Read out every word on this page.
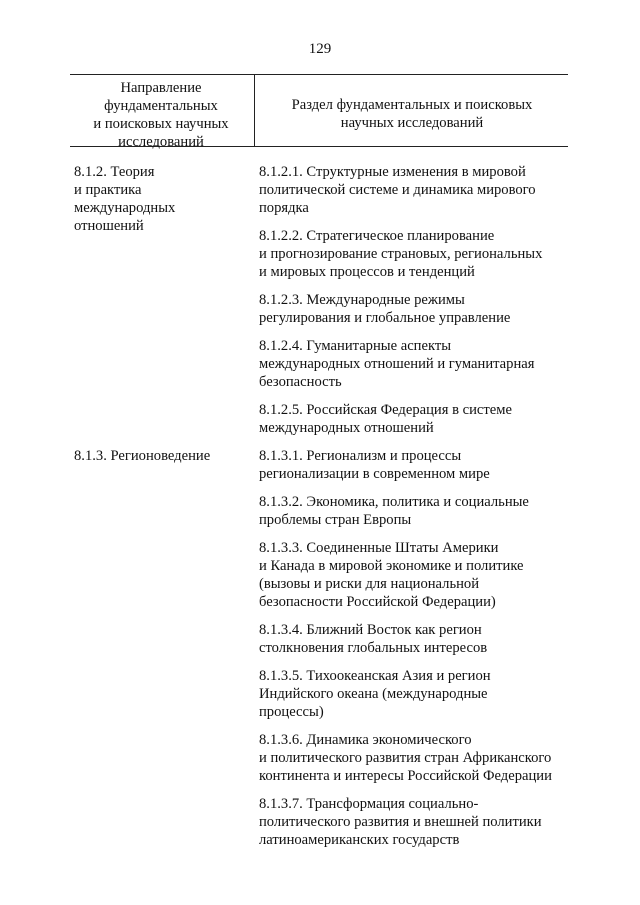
129
Направление
фундаментальных
и поисковых научных
исследований
Раздел фундаментальных и поисковых
научных исследований
8.1.2. Теория
и практика
международных
отношений
8.1.2.1. Структурные изменения в мировой
политической системе и динамика мирового
порядка
8.1.2.2. Стратегическое планирование
и прогнозирование страновых, региональных
и мировых процессов и тенденций
8.1.2.3. Международные режимы
регулирования и глобальное управление
8.1.2.4. Гуманитарные аспекты
международных отношений и гуманитарная
безопасность
8.1.2.5. Российская Федерация в системе
международных отношений
8.1.3. Регионоведение	8.1.3.1. Регионализм и процессы
регионализации в современном мире
8.1.3.2. Экономика, политика и социальные
проблемы стран Европы
8.1.3.3. Соединенные Штаты Америки
и Канада в мировой экономике и политике
(вызовы и риски для национальной
безопасности Российской Федерации)
8.1.3.4. Ближний Восток как регион
столкновения глобальных интересов
8.1.3.5. Тихоокеанская Азия и регион
Индийского океана (международные
процессы)
8.1.3.6. Динамика экономического
и политического развития стран Африканского
континента и интересы Российской Федерации
8.1.3.7. Трансформация социально-
политического развития и внешней политики
латиноамериканских государств
